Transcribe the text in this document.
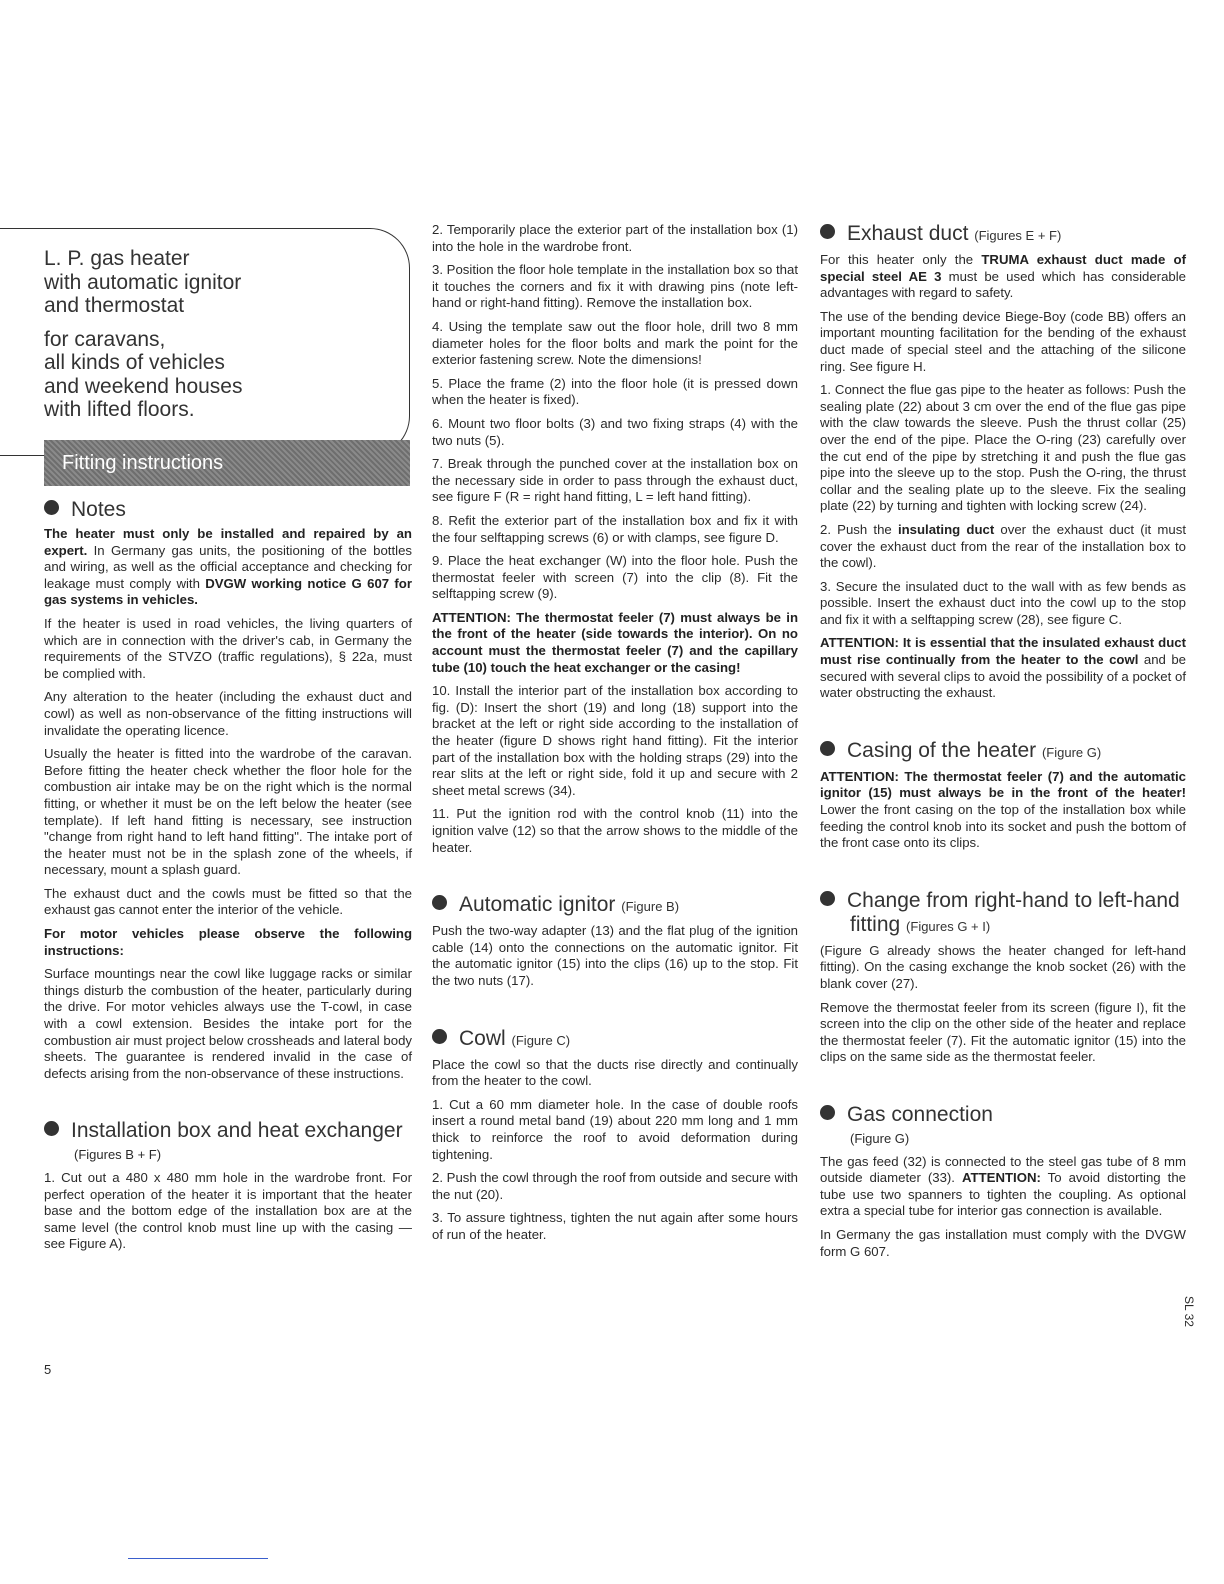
L. P. gas heater
with automatic ignitor
and thermostat
for caravans,
all kinds of vehicles
and weekend houses
with lifted floors.
Fitting instructions
Notes

The heater must only be installed and repaired by an expert. In Germany gas units, the positioning of the bottles and wiring, as well as the official acceptance and checking for leakage must comply with DVGW working notice G 607 for gas systems in vehicles.

If the heater is used in road vehicles, the living quarters of which are in connection with the driver's cab, in Germany the requirements of the STVZO (traffic regulations), § 22a, must be complied with.

Any alteration to the heater (including the exhaust duct and cowl) as well as non-observance of the fitting instructions will invalidate the operating licence.

Usually the heater is fitted into the wardrobe of the caravan. Before fitting the heater check whether the floor hole for the combustion air intake may be on the right which is the normal fitting, or whether it must be on the left below the heater (see template). If left hand fitting is necessary, see instruction "change from right hand to left hand fitting". The intake port of the heater must not be in the splash zone of the wheels, if necessary, mount a splash guard.

The exhaust duct and the cowls must be fitted so that the exhaust gas cannot enter the interior of the vehicle.

For motor vehicles please observe the following instructions:

Surface mountings near the cowl like luggage racks or similar things disturb the combustion of the heater, particularly during the drive. For motor vehicles always use the T-cowl, in case with a cowl extension. Besides the intake port for the combustion air must project below crossheads and lateral body sheets. The guarantee is rendered invalid in the case of defects arising from the non-observance of these instructions.

Installation box and heat exchanger
(Figures B + F)

1. Cut out a 480 x 480 mm hole in the wardrobe front. For perfect operation of the heater it is important that the heater base and the bottom edge of the installation box are at the same level (the control knob must line up with the casing — see Figure A).

2. Temporarily place the exterior part of the installation box (1) into the hole in the wardrobe front.

3. Position the floor hole template in the installation box so that it touches the corners and fix it with drawing pins (note left-hand or right-hand fitting). Remove the installation box.

4. Using the template saw out the floor hole, drill two 8 mm diameter holes for the floor bolts and mark the point for the exterior fastening screw. Note the dimensions!

5. Place the frame (2) into the floor hole (it is pressed down when the heater is fixed).

6. Mount two floor bolts (3) and two fixing straps (4) with the two nuts (5).

7. Break through the punched cover at the installation box on the necessary side in order to pass through the exhaust duct, see figure F (R = right hand fitting, L = left hand fitting).

8. Refit the exterior part of the installation box and fix it with the four selftapping screws (6) or with clamps, see figure D.

9. Place the heat exchanger (W) into the floor hole. Push the thermostat feeler with screen (7) into the clip (8). Fit the selftapping screw (9).

ATTENTION: The thermostat feeler (7) must always be in the front of the heater (side towards the interior). On no account must the thermostat feeler (7) and the capillary tube (10) touch the heat exchanger or the casing!

10. Install the interior part of the installation box according to fig. (D): Insert the short (19) and long (18) support into the bracket at the left or right side according to the installation of the heater (figure D shows right hand fitting). Fit the interior part of the installation box with the holding straps (29) into the rear slits at the left or right side, fold it up and secure with 2 sheet metal screws (34).

11. Put the ignition rod with the control knob (11) into the ignition valve (12) so that the arrow shows to the middle of the heater.

Automatic ignitor (Figure B)

Push the two-way adapter (13) and the flat plug of the ignition cable (14) onto the connections on the automatic ignitor. Fit the automatic ignitor (15) into the clips (16) up to the stop. Fit the two nuts (17).

Cowl (Figure C)

Place the cowl so that the ducts rise directly and continually from the heater to the cowl.

1. Cut a 60 mm diameter hole. In the case of double roofs insert a round metal band (19) about 220 mm long and 1 mm thick to reinforce the roof to avoid deformation during tightening.

2. Push the cowl through the roof from outside and secure with the nut (20).

3. To assure tightness, tighten the nut again after some hours of run of the heater.

Exhaust duct (Figures E + F)

For this heater only the TRUMA exhaust duct made of special steel AE 3 must be used which has considerable advantages with regard to safety.

The use of the bending device Biege-Boy (code BB) offers an important mounting facilitation for the bending of the exhaust duct made of special steel and the attaching of the silicone ring. See figure H.

1. Connect the flue gas pipe to the heater as follows: Push the sealing plate (22) about 3 cm over the end of the flue gas pipe with the claw towards the sleeve. Push the thrust collar (25) over the end of the pipe. Place the O-ring (23) carefully over the cut end of the pipe by stretching it and push the flue gas pipe into the sleeve up to the stop. Push the O-ring, the thrust collar and the sealing plate up to the sleeve. Fix the sealing plate (22) by turning and tighten with locking screw (24).

2. Push the insulating duct over the exhaust duct (it must cover the exhaust duct from the rear of the installation box to the cowl).

3. Secure the insulated duct to the wall with as few bends as possible. Insert the exhaust duct into the cowl up to the stop and fix it with a selftapping screw (28), see figure C.

ATTENTION: It is essential that the insulated exhaust duct must rise continually from the heater to the cowl and be secured with several clips to avoid the possibility of a pocket of water obstructing the exhaust.

Casing of the heater (Figure G)

ATTENTION: The thermostat feeler (7) and the automatic ignitor (15) must always be in the front of the heater! Lower the front casing on the top of the installation box while feeding the control knob into its socket and push the bottom of the front case onto its clips.

Change from right-hand to left-hand
fitting (Figures G + I)

(Figure G already shows the heater changed for left-hand fitting). On the casing exchange the knob socket (26) with the blank cover (27).

Remove the thermostat feeler from its screen (figure I), fit the screen into the clip on the other side of the heater and replace the thermostat feeler (7). Fit the automatic ignitor (15) into the clips on the same side as the thermostat feeler.

Gas connection
(Figure G)

The gas feed (32) is connected to the steel gas tube of 8 mm outside diameter (33). ATTENTION: To avoid distorting the tube use two spanners to tighten the coupling. As optional extra a special tube for interior gas connection is available.

In Germany the gas installation must comply with the DVGW form G 607.

5
SL 32
